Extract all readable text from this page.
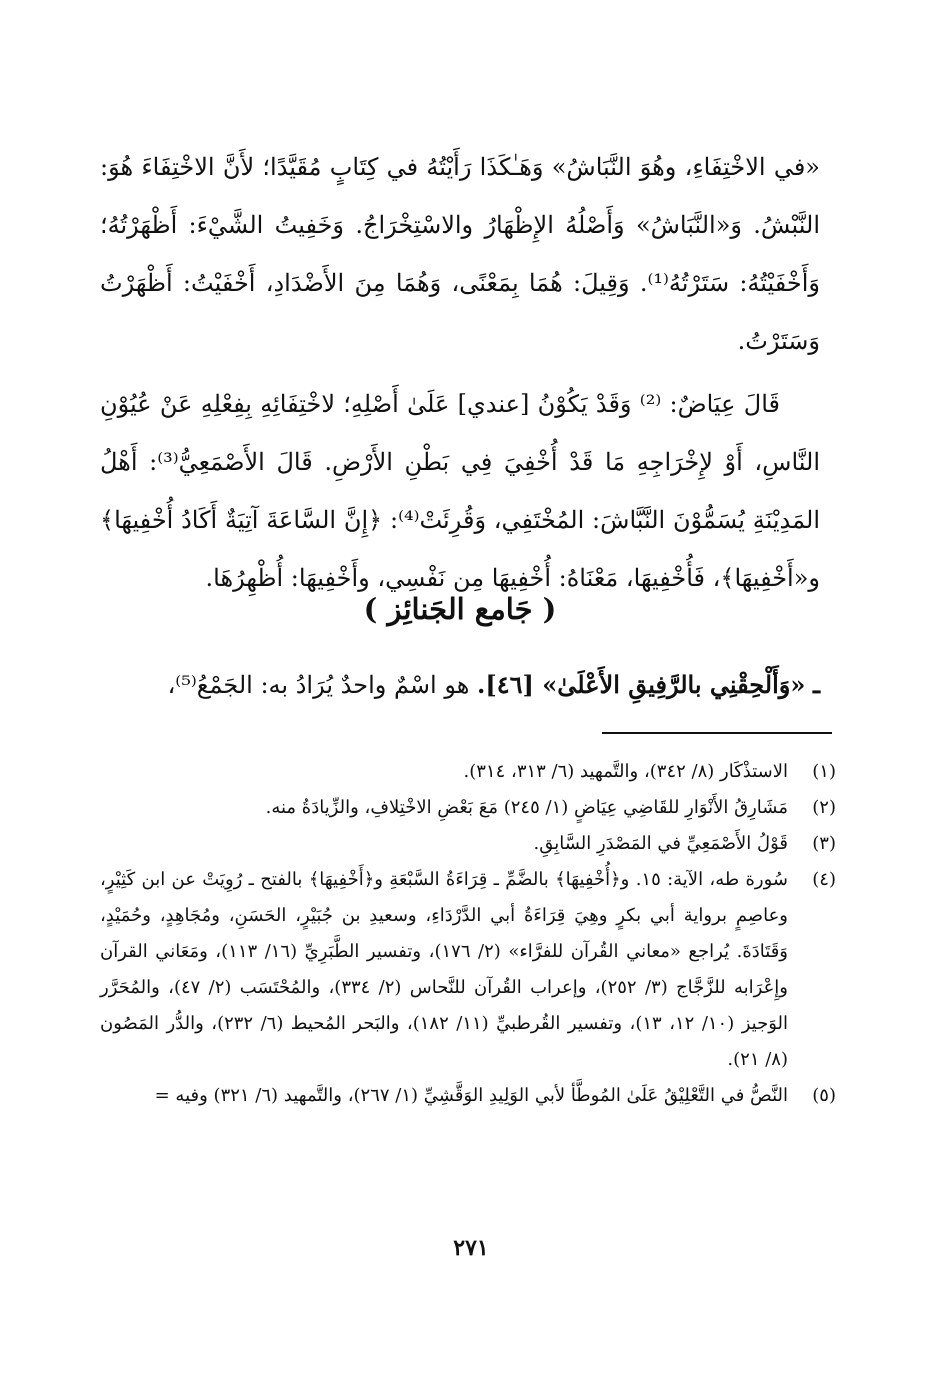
«في الاخْتِفَاءِ، وهُوَ النَّبَاشُ» وَهَـٰكَذَا رَأَيْتُهُ في كِتَابٍ مُقَيَّدًا؛ لأَنَّ الاخْتِفَاءَ هُوَ: النَّبْشُ. وَ«النَّبَاشُ» وَأَصْلُهُ الإِظْهَارُ والاسْتِخْرَاجُ. وَخَفِيتُ الشَّيْءَ: أَظْهَرْتُهُ؛ وَأَخْفَيْتُهُ: سَتَرْتُهُ⁽¹⁾. وَقِيلَ: هُمَا بِمَعْنًى، وَهُمَا مِنَ الأَضْدَادِ، أَخْفَيْتُ: أَظْهَرْتُ وَسَتَرْتُ.

قَالَ عِيَاضٌ: ⁽²⁾ وَقَدْ يَكُوْنُ [عندي] عَلَىٰ أَصْلِهِ؛ لاخْتِفَائِهِ بِفِعْلِهِ عَنْ عُيُوْنِ النَّاسِ، أَوْ لإِخْرَاجِهِ مَا قَدْ أُخْفِيَ فِي بَطْنِ الأَرْضِ. قَالَ الأَصْمَعِيُّ⁽³⁾: أَهْلُ المَدِيْنَةِ يُسَمُّوْنَ النَّبَّاشَ: المُخْتَفِي، وَقُرِئَتْ⁽⁴⁾: ﴿إِنَّ السَّاعَةَ آتِيَةٌ أَكَادُ أُخْفِيهَا﴾ و«أَخْفِيهَا﴾، فَأُخْفِيهَا، مَعْنَاهُ: أُخْفِيهَا مِن نَفْسِي، وأَخْفِيهَا: أُظْهِرُهَا.

( جَامع الجَنائِز )
ـ «وَأَلْحِقْنِي بالرَّفِيقِ الأَعْلَىٰ» [٤٦]. هو اسْمٌ واحدٌ يُرَادُ به: الجَمْعُ⁽⁵⁾،
(١)
الاستذْكَار (٨/ ٣٤٢)، والتَّمهيد (٦/ ٣١٣، ٣١٤).
(٢)
مَشَارِقُ الأَنْوَارِ للقَاضِي عِيَاضٍ (١/ ٢٤٥) مَعَ بَعْضِ الاخْتِلافِ، والزِّيادَةُ منه.
(٣)
قَوْلُ الأَصْمَعِيِّ في المَصْدَرِ السَّابِقِ.
(٤)
سُورة طه، الآية: ١٥. و﴿أُخْفِيهَا﴾ بالضَّمِّ ـ قِرَاءَةُ السَّبْعَةِ و﴿أَخْفِيهَا﴾ بالفتح ـ رُوِيَتْ عن ابن كَثِيْرٍ، وعاصِمٍ برواية أبي بكرٍ وهِيَ قِرَاءَةُ أبي الدَّرْدَاءِ، وسعيدِ بن جُبَيْرٍ، الحَسَنِ، ومُجَاهِدٍ، وحُمَيْدٍ، وَقَتَادَةَ. يُراجع «معاني القُرآن للفرَّاء» (٢/ ١٧٦)، وتفسير الطَّبَرِيِّ (١٦/ ١١٣)، ومَعَاني القرآن وإِعْرَابه للزَّجَّاج (٣/ ٢٥٢)، وإعراب القُرآن للنَّحاس (٢/ ٣٣٤)، والمُحْتَسَب (٢/ ٤٧)، والمُحَرَّر الوَجيز (١٠/ ١٢، ١٣)، وتفسير القُرطبيِّ (١١/ ١٨٢)، والبَحر المُحيط (٦/ ٢٣٢)، والدُّر المَصُون (٨/ ٢١).
(٥)
النَّصُّ في التَّعْلِيْقُ عَلَىٰ المُوطَّأ لأبي الوَلِيدِ الوَقَّشِيِّ (١/ ٢٦٧)، والتَّمهيد (٦/ ٣٢١) وفيه =
٢٧١
